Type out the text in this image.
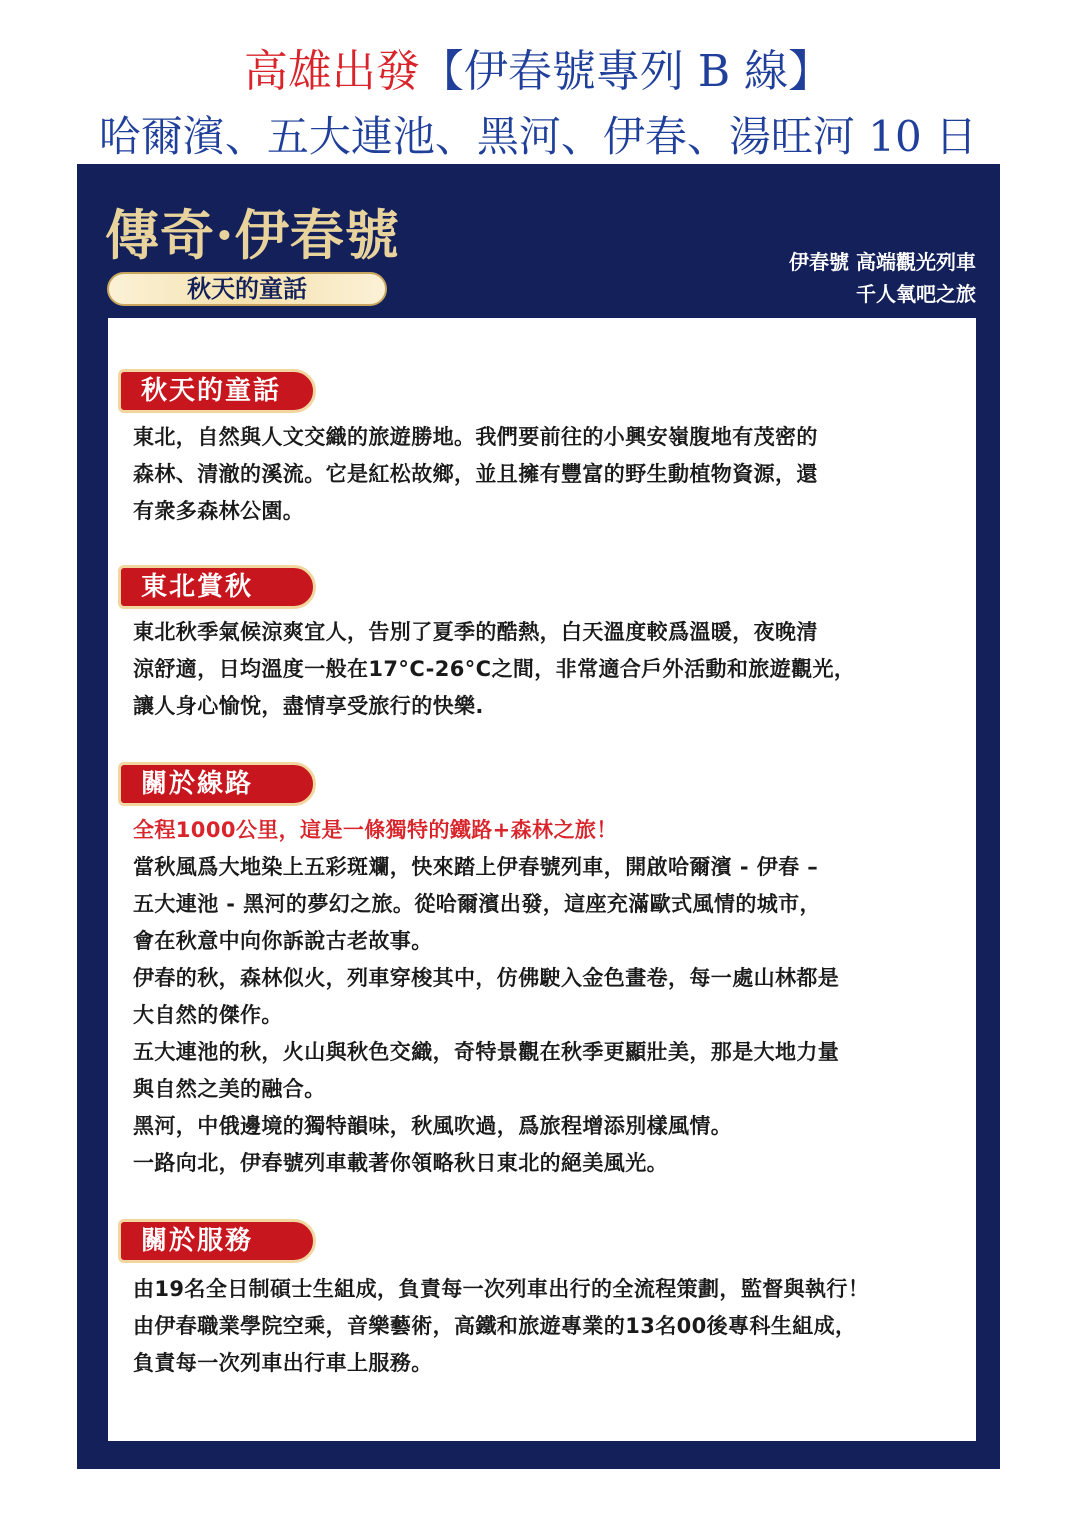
高雄出發【伊春號專列 B 線】
哈爾濱、五大連池、黑河、伊春、湯旺河 10 日
傳奇·伊春號
秋天的童話
伊春號 高端觀光列車
千人氧吧之旅
秋天的童話
東北，自然與人文交織的旅遊勝地。我們要前往的小興安嶺腹地有茂密的
森林、清澈的溪流。它是紅松故鄉，並且擁有豐富的野生動植物資源，還
有衆多森林公園。
東北賞秋
東北秋季氣候涼爽宜人，告別了夏季的酷熱，白天溫度較爲溫暖，夜晚清
涼舒適，日均溫度一般在17°C-26°C之間，非常適合戶外活動和旅遊觀光，
讓人身心愉悅，盡情享受旅行的快樂.
關於線路
全程1000公里，這是一條獨特的鐵路+森林之旅！
當秋風爲大地染上五彩斑斕，快來踏上伊春號列車，開啟哈爾濱 - 伊春 –
五大連池 - 黑河的夢幻之旅。從哈爾濱出發，這座充滿歐式風情的城市，
會在秋意中向你訴說古老故事。
伊春的秋，森林似火，列車穿梭其中，仿佛駛入金色畫卷，每一處山林都是
大自然的傑作。
五大連池的秋，火山與秋色交織，奇特景觀在秋季更顯壯美，那是大地力量
與自然之美的融合。
黑河，中俄邊境的獨特韻味，秋風吹過，爲旅程增添別樣風情。
一路向北，伊春號列車載著你領略秋日東北的絕美風光。
關於服務
由19名全日制碩士生組成，負責每一次列車出行的全流程策劃，監督與執行！
由伊春職業學院空乘，音樂藝術，高鐵和旅遊專業的13名00後專科生組成，
負責每一次列車出行車上服務。
